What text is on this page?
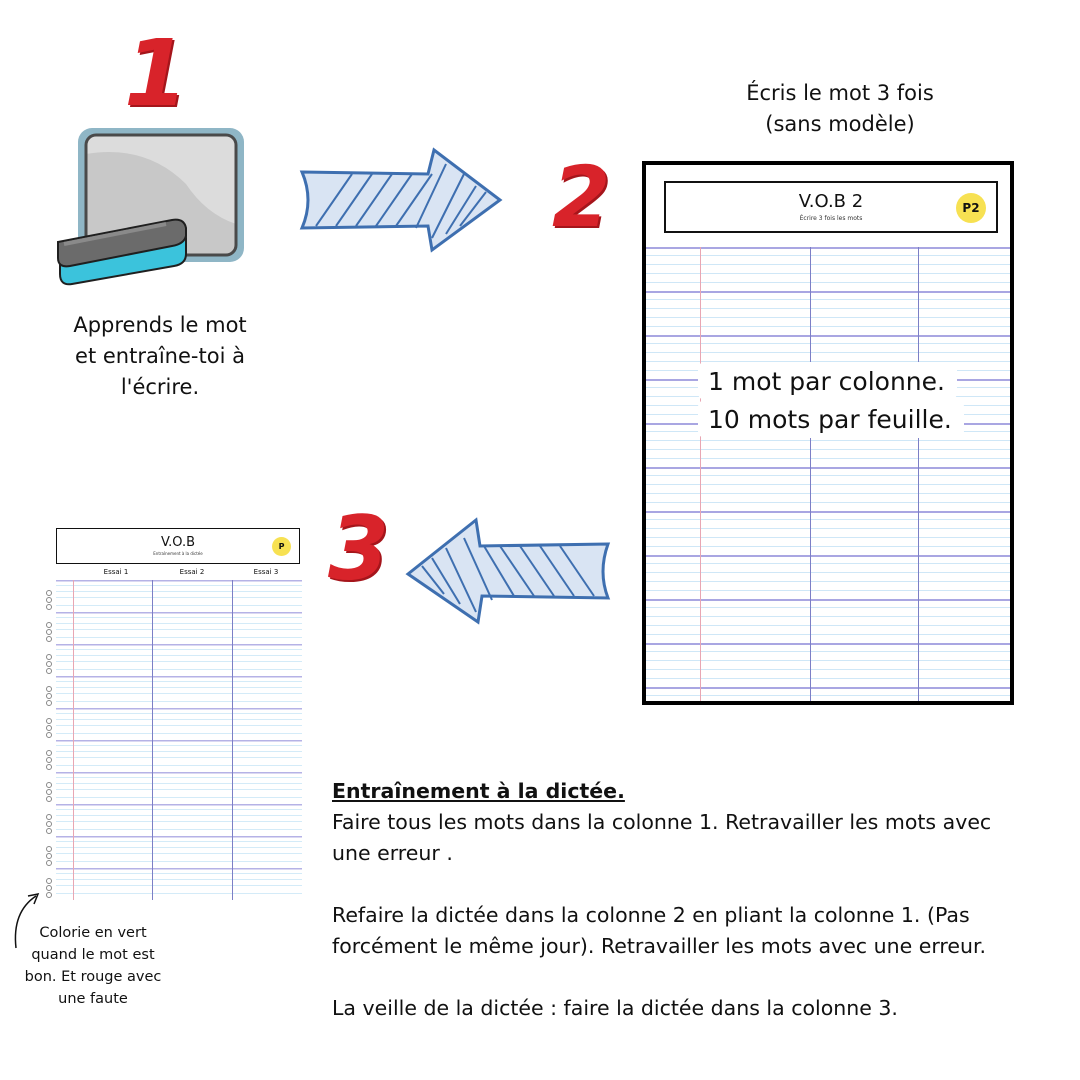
1
2
3
Apprends le mot
et entraîne-toi à
l'écrire.
Écris le mot 3 fois
(sans modèle)
V.O.B 2
Écrire 3 fois les mots
P2
1 mot par colonne.
10 mots par feuille.
V.O.B
Entraînement à la dictée
P
Essai 1	Essai 2	Essai 3
Colorie en vert
quand le mot est
bon. Et rouge avec
une faute

Entraînement à la dictée.

Faire tous les mots dans la colonne 1. Retravailler les mots avec une erreur .

Refaire la dictée dans la colonne 2 en pliant la colonne 1. (Pas forcément le même jour). Retravailler les mots avec une erreur.

La veille de la dictée : faire la dictée dans la colonne 3.
